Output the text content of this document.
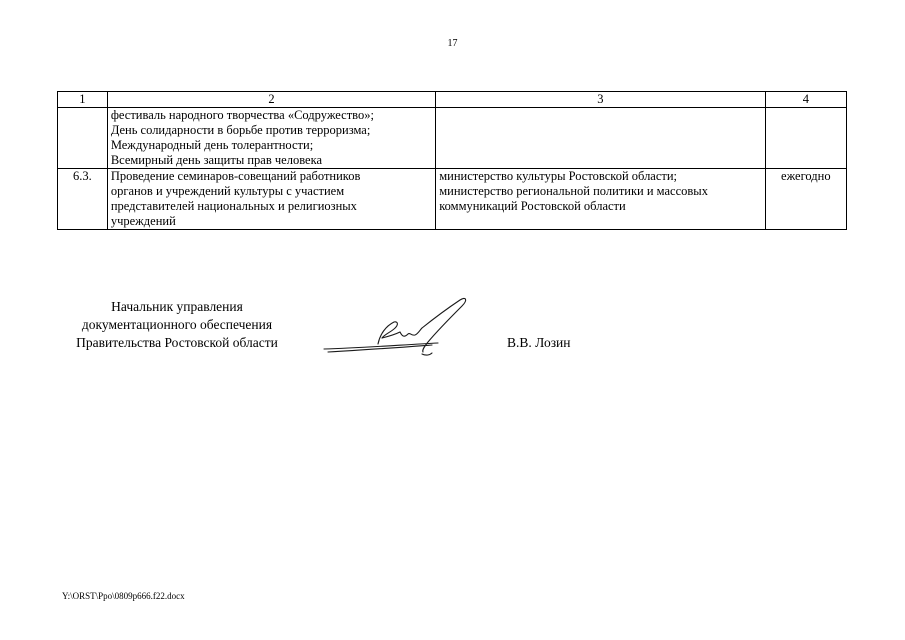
17
1	2	3	4

	фестиваль народного творчества «Содружество»;
День солидарности в борьбе против терроризма;
Международный день толерантности;
Всемирный день защиты прав человека		

6.3.	Проведение семинаров-совещаний работников
органов и учреждений культуры с участием
представителей национальных и религиозных
учреждений	министерство культуры Ростовской области;
министерство региональной политики и массовых
коммуникаций Ростовской области	ежегодно
Начальник управления
документационного обеспечения
Правительства Ростовской области	В.В. Лозин
Y:\ORST\Ppo\0809p666.f22.docx
